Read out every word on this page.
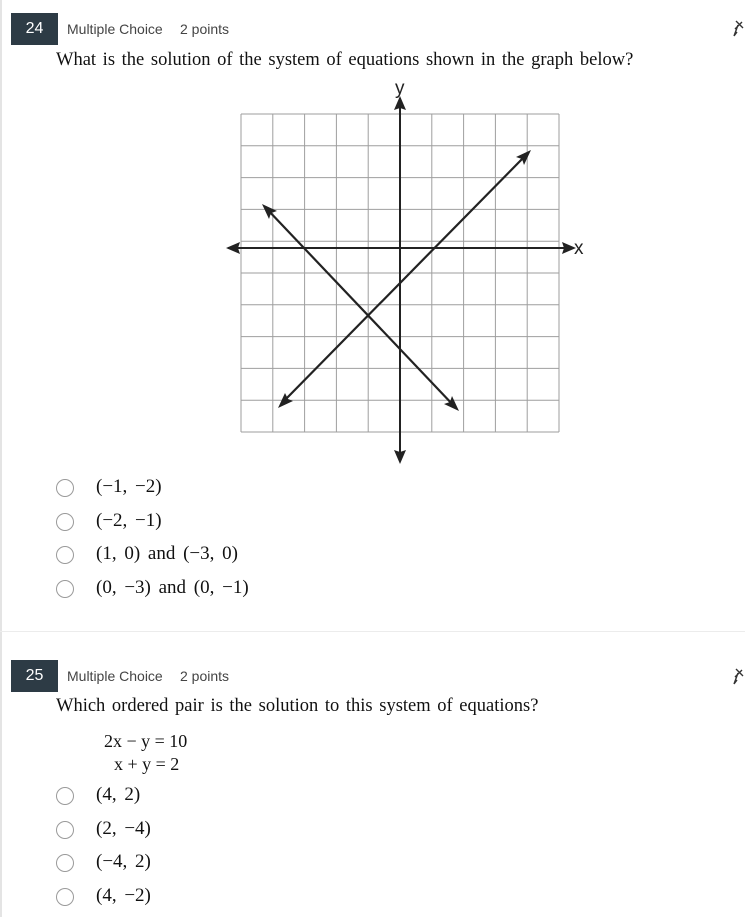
24	Multiple Choice 2 points
What is the solution of the system of equations shown in the graph below?
x
y
(−1, −2)
(−2, −1)
(1, 0) and (−3, 0)
(0, −3) and (0, −1)
25	Multiple Choice 2 points
Which ordered pair is the solution to this system of equations?
2x − y = 10
x + y = 2
(4, 2)
(2, −4)
(−4, 2)
(4, −2)
